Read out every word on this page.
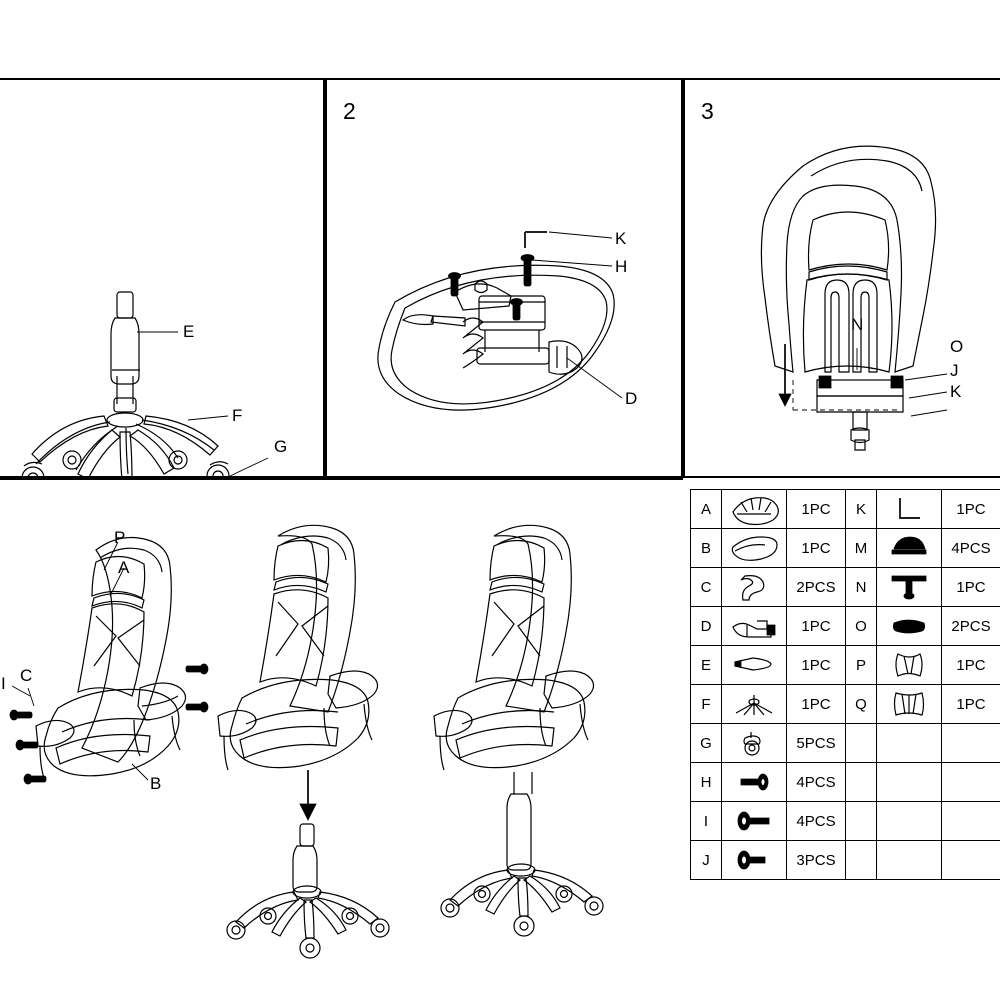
E
F
G
2
K
H
D
3
N
O
J
K
P
A
C
I
B
A		1PC	K		1PC
B		1PC	M		4PCS
C		2PCS	N		1PC
D		1PC	O		2PCS
E		1PC	P		1PC
F		1PC	Q		1PC
G		5PCS			
H		4PCS			
I		4PCS			
J		3PCS			
